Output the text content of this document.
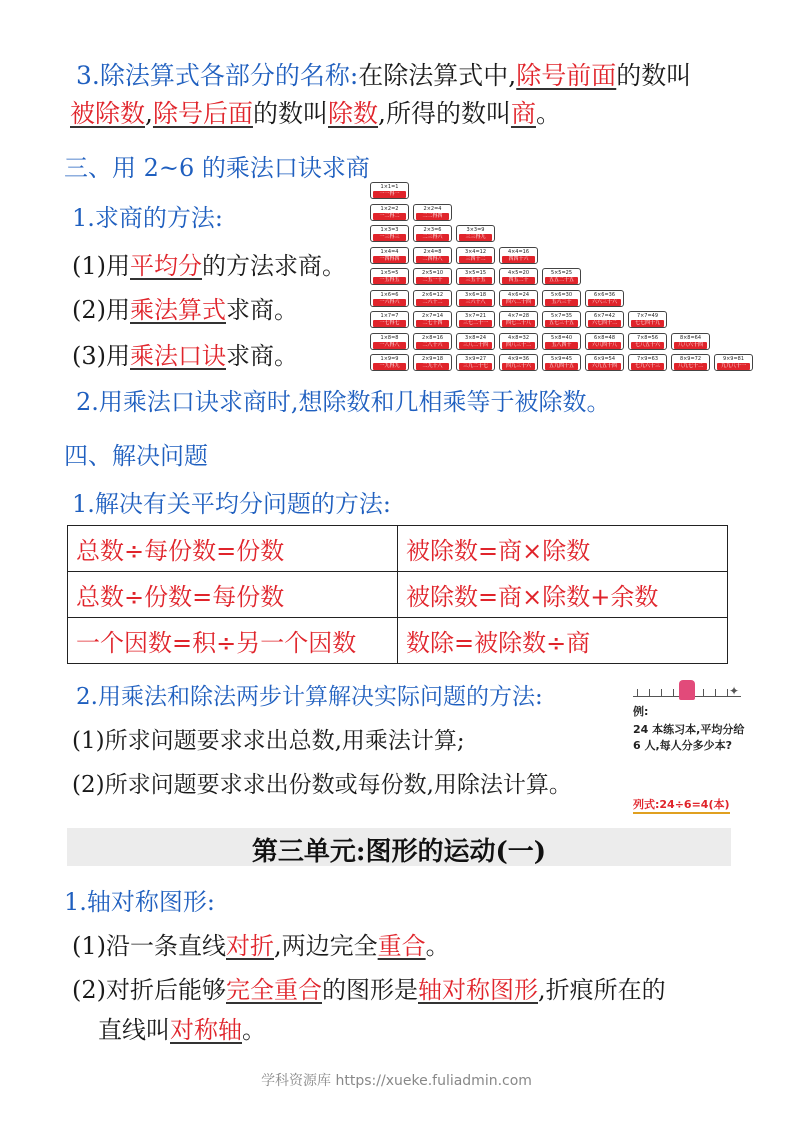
3.除法算式各部分的名称:在除法算式中,除号前面的数叫
被除数,除号后面的数叫除数,所得的数叫商。
三、用 2~6 的乘法口诀求商
1.求商的方法:
(1)用平均分的方法求商。
(2)用乘法算式求商。
(3)用乘法口诀求商。
2.用乘法口诀求商时,想除数和几相乘等于被除数。
1×1=1
一一得一
1×2=2
一二得二
2×2=4
二二得四
1×3=3
一三得三
2×3=6
二三得六
3×3=9
三三得九
1×4=4
一四得四
2×4=8
二四得八
3×4=12
三四十二
4×4=16
四四十六
1×5=5
一五得五
2×5=10
二五一十
3×5=15
三五十五
4×5=20
四五二十
5×5=25
五五二十五
1×6=6
一六得六
2×6=12
二六十二
3×6=18
三六十八
4×6=24
四六二十四
5×6=30
五六三十
6×6=36
六六三十六
1×7=7
一七得七
2×7=14
二七十四
3×7=21
三七二十一
4×7=28
四七二十八
5×7=35
五七三十五
6×7=42
六七四十二
7×7=49
七七四十九
1×8=8
一八得八
2×8=16
二八十六
3×8=24
三八二十四
4×8=32
四八三十二
5×8=40
五八四十
6×8=48
六八四十八
7×8=56
七八五十六
8×8=64
八八六十四
1×9=9
一九得九
2×9=18
二九十八
3×9=27
三九二十七
4×9=36
四九三十六
5×9=45
五九四十五
6×9=54
六九五十四
7×9=63
七九六十三
8×9=72
八九七十二
9×9=81
九九八十一
四、解决问题
1.解决有关平均分问题的方法:
总数÷每份数=份数	被除数=商×除数
总数÷份数=每份数	被除数=商×除数+余数
一个因数=积÷另一个因数	数除=被除数÷商
2.用乘法和除法两步计算解决实际问题的方法:
(1)所求问题要求求出总数,用乘法计算;
(2)所求问题要求求出份数或每份数,用除法计算。
✦
例:
24 本练习本,平均分给 6 人,每人分多少本?
列式:24÷6=4(本)
第三单元:图形的运动(一)
1.轴对称图形:
(1)沿一条直线对折,两边完全重合。
(2)对折后能够完全重合的图形是轴对称图形,折痕所在的
直线叫对称轴。
学科资源库 https://xueke.fuliadmin.com
